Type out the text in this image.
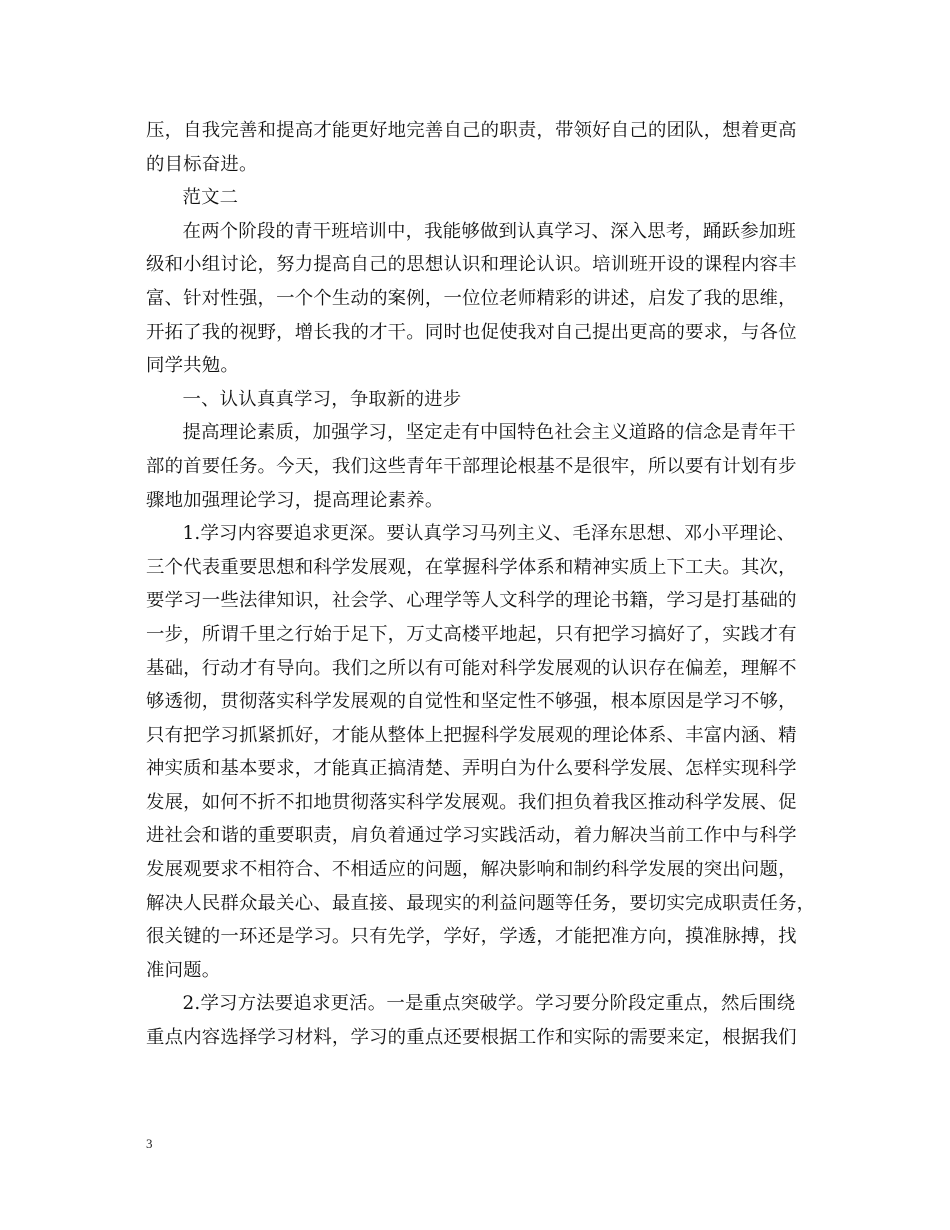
压，自我完善和提高才能更好地完善自己的职责，带领好自己的团队，想着更高
的目标奋进。
范文二
在两个阶段的青干班培训中，我能够做到认真学习、深入思考，踊跃参加班
级和小组讨论，努力提高自己的思想认识和理论认识。培训班开设的课程内容丰
富、针对性强，一个个生动的案例，一位位老师精彩的讲述，启发了我的思维，
开拓了我的视野，增长我的才干。同时也促使我对自己提出更高的要求，与各位
同学共勉。
一、认认真真学习，争取新的进步
提高理论素质，加强学习，坚定走有中国特色社会主义道路的信念是青年干
部的首要任务。今天，我们这些青年干部理论根基不是很牢，所以要有计划有步
骤地加强理论学习，提高理论素养。
1.学习内容要追求更深。要认真学习马列主义、毛泽东思想、邓小平理论、
三个代表重要思想和科学发展观，在掌握科学体系和精神实质上下工夫。其次，
要学习一些法律知识，社会学、心理学等人文科学的理论书籍，学习是打基础的
一步，所谓千里之行始于足下，万丈高楼平地起，只有把学习搞好了，实践才有
基础，行动才有导向。我们之所以有可能对科学发展观的认识存在偏差，理解不
够透彻，贯彻落实科学发展观的自觉性和坚定性不够强，根本原因是学习不够，
只有把学习抓紧抓好，才能从整体上把握科学发展观的理论体系、丰富内涵、精
神实质和基本要求，才能真正搞清楚、弄明白为什么要科学发展、怎样实现科学
发展，如何不折不扣地贯彻落实科学发展观。我们担负着我区推动科学发展、促
进社会和谐的重要职责，肩负着通过学习实践活动，着力解决当前工作中与科学
发展观要求不相符合、不相适应的问题，解决影响和制约科学发展的突出问题，
解决人民群众最关心、最直接、最现实的利益问题等任务，要切实完成职责任务，
很关键的一环还是学习。只有先学，学好，学透，才能把准方向，摸准脉搏，找
准问题。
2.学习方法要追求更活。一是重点突破学。学习要分阶段定重点，然后围绕
重点内容选择学习材料，学习的重点还要根据工作和实际的需要来定，根据我们
3
